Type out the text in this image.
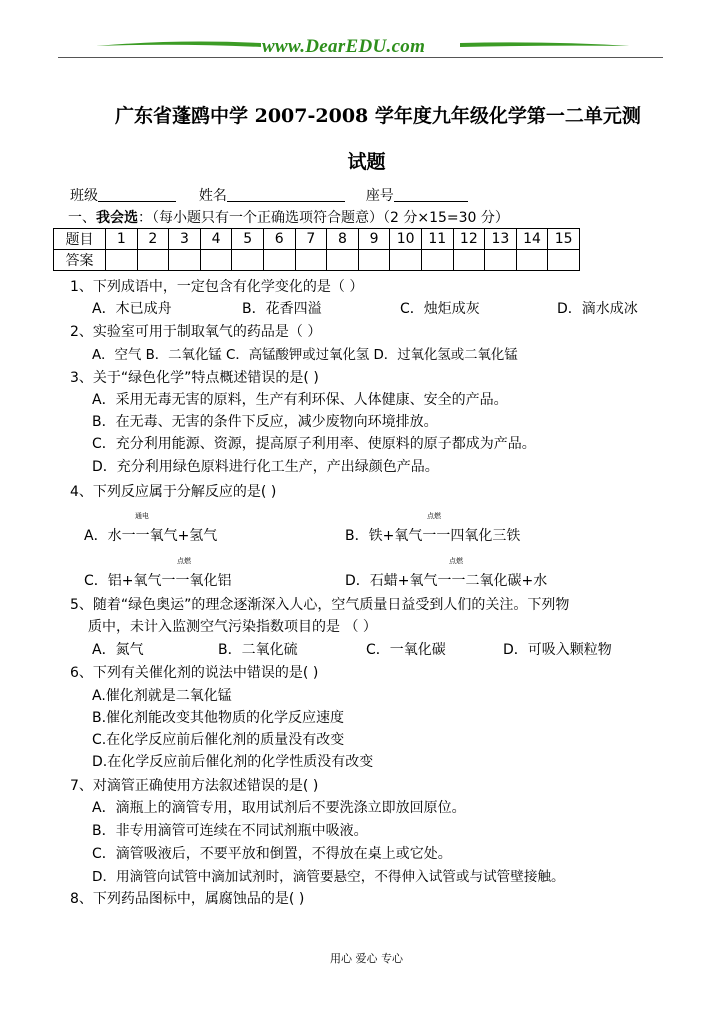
www.DearEDU.com
广东省蓬鸥中学 2007-2008 学年度九年级化学第一二单元测
试题
班级	姓名	座号
一、我会选：（每小题只有一个正确选项符合题意）（2 分×15=30 分）
题目	1	2	3	4	5	6	7	8	9	10	11	12	13	14	15
答案															
1、下列成语中，一定包含有化学变化的是（ ）
A．木已成舟	B．花香四溢	C．烛炬成灰	D．滴水成冰
2、实验室可用于制取氧气的药品是（ ）
A．空气 B．二氧化锰 C．高锰酸钾或过氧化氢 D．过氧化氢或二氧化锰
3、关于“绿色化学”特点概述错误的是( )
A．采用无毒无害的原料，生产有利环保、人体健康、安全的产品。
B．在无毒、无害的条件下反应，减少废物向环境排放。
C．充分利用能源、资源，提高原子利用率、使原料的原子都成为产品。
D．充分利用绿色原料进行化工生产，产出绿颜色产品。
4、下列反应属于分解反应的是( )
通电
A．水一一氧气+氢气
点燃
B．铁+氧气一一四氧化三铁
点燃
C．铝+氧气一一氧化铝
点燃
D．石蜡+氧气一一二氧化碳+水
5、随着“绿色奥运”的理念逐渐深入人心，空气质量日益受到人们的关注。下列物
质中，未计入监测空气污染指数项目的是 （ ）
A．氮气	B．二氧化硫	C．一氧化碳	D．可吸入颗粒物
6、下列有关催化剂的说法中错误的是( )
A.催化剂就是二氧化锰
B.催化剂能改变其他物质的化学反应速度
C.在化学反应前后催化剂的质量没有改变
D.在化学反应前后催化剂的化学性质没有改变
7、对滴管正确使用方法叙述错误的是( )
A．滴瓶上的滴管专用，取用试剂后不要洗涤立即放回原位。
B．非专用滴管可连续在不同试剂瓶中吸液。
C．滴管吸液后，不要平放和倒置，不得放在桌上或它处。
D．用滴管向试管中滴加试剂时，滴管要悬空，不得伸入试管或与试管壁接触。
8、下列药品图标中，属腐蚀品的是( )
用心 爱心 专心
